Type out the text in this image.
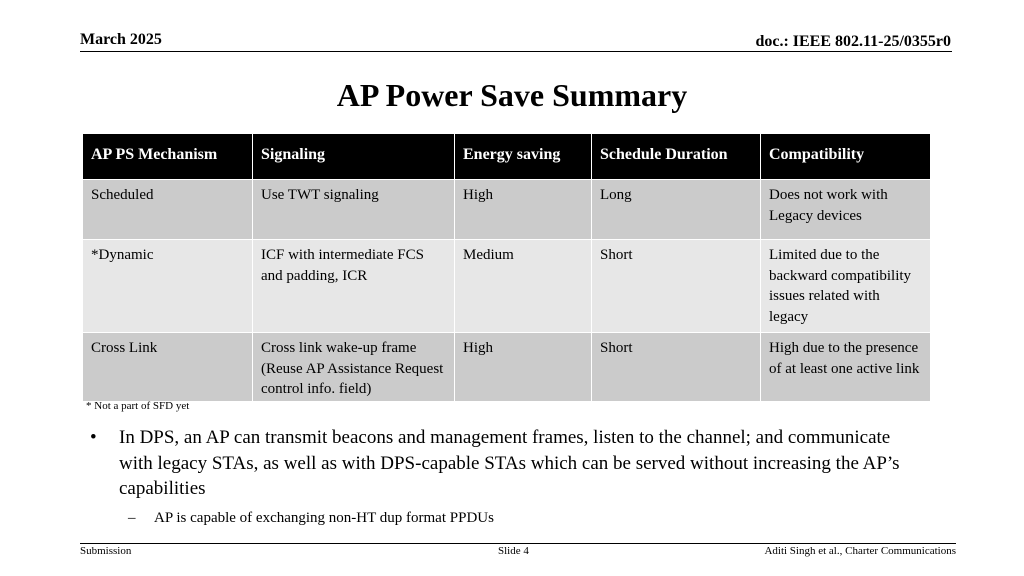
March 2025	doc.: IEEE 802.11-25/0355r0
AP Power Save Summary
AP PS Mechanism	Signaling	Energy saving	Schedule Duration	Compatibility
Scheduled	Use TWT signaling	High	Long	Does not work with Legacy devices
*Dynamic	ICF with intermediate FCS and padding, ICR	Medium	Short	Limited due to the backward compatibility issues related with legacy
Cross Link	Cross link wake-up frame (Reuse AP Assistance Request control info. field)	High	Short	High due to the presence of at least one active link
* Not a part of SFD yet
• In DPS, an AP can transmit beacons and management frames, listen to the channel; and communicate with legacy STAs, as well as with DPS-capable STAs which can be served without increasing the AP’s capabilities
– AP is capable of exchanging non-HT dup format PPDUs
Submission	Slide 4	Aditi Singh et al., Charter Communications
